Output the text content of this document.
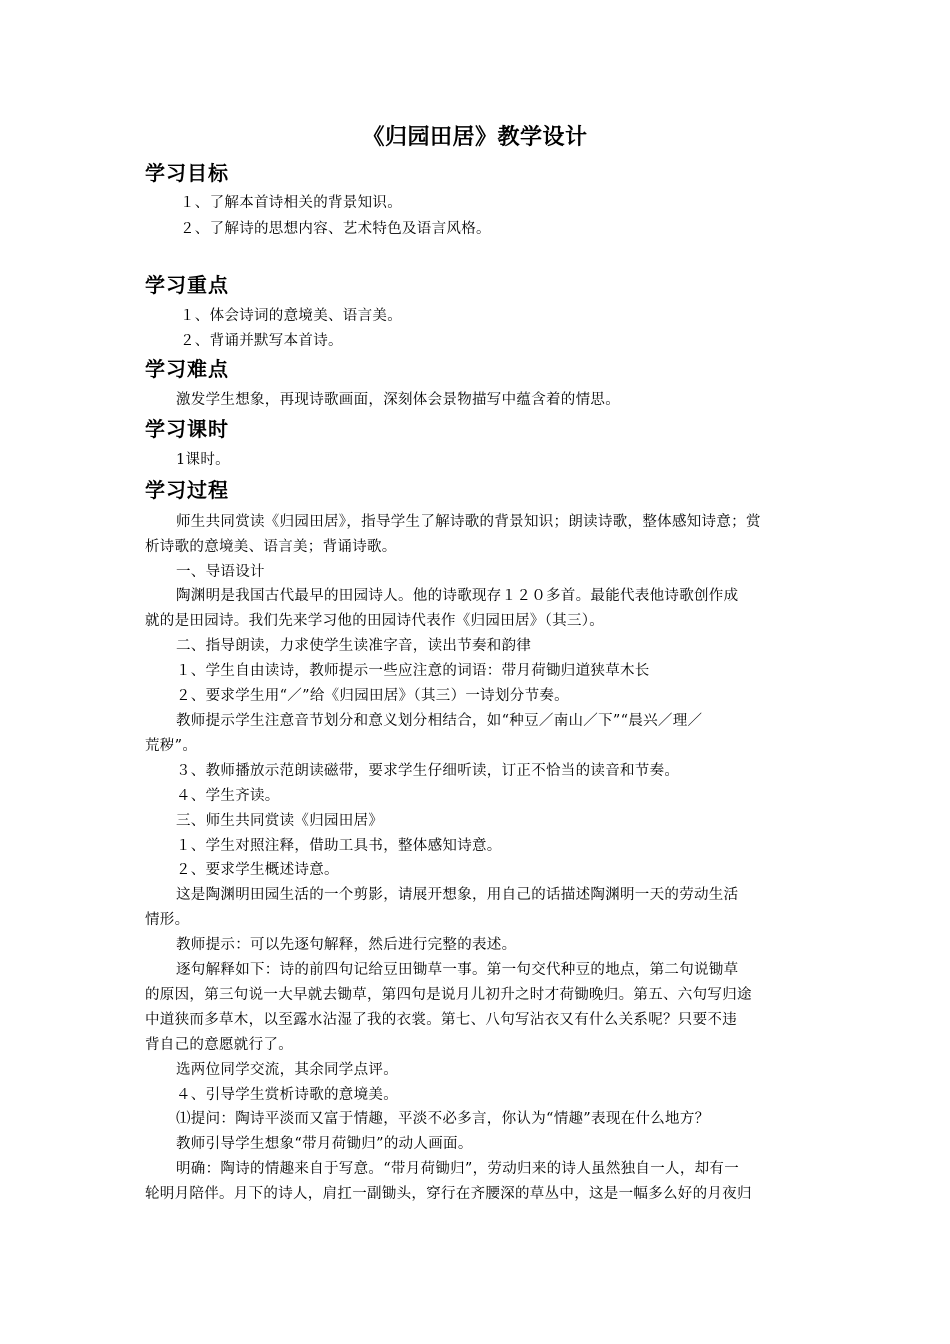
《归园田居》教学设计
学习目标
１、了解本首诗相关的背景知识。
２、了解诗的思想内容、艺术特色及语言风格。
学习重点
１、体会诗词的意境美、语言美。
２、背诵并默写本首诗。
学习难点
激发学生想象，再现诗歌画面，深刻体会景物描写中蕴含着的情思。
学习课时
1课时。
学习过程
师生共同赏读《归园田居》，指导学生了解诗歌的背景知识；朗读诗歌，整体感知诗意；赏
析诗歌的意境美、语言美；背诵诗歌。
一、导语设计
陶渊明是我国古代最早的田园诗人。他的诗歌现存１２０多首。最能代表他诗歌创作成
就的是田园诗。我们先来学习他的田园诗代表作《归园田居》（其三）。
二、指导朗读，力求使学生读准字音，读出节奏和韵律
１、学生自由读诗，教师提示一些应注意的词语：带月荷锄归道狭草木长
２、要求学生用“／”给《归园田居》（其三）一诗划分节奏。
教师提示学生注意音节划分和意义划分相结合，如“种豆／南山／下”“晨兴／理／
荒秽”。
３、教师播放示范朗读磁带，要求学生仔细听读，订正不恰当的读音和节奏。
４、学生齐读。
三、师生共同赏读《归园田居》
１、学生对照注释，借助工具书，整体感知诗意。
２、要求学生概述诗意。
这是陶渊明田园生活的一个剪影，请展开想象，用自己的话描述陶渊明一天的劳动生活
情形。
教师提示：可以先逐句解释，然后进行完整的表述。
逐句解释如下：诗的前四句记给豆田锄草一事。第一句交代种豆的地点，第二句说锄草
的原因，第三句说一大早就去锄草，第四句是说月儿初升之时才荷锄晚归。第五、六句写归途
中道狭而多草木，以至露水沾湿了我的衣裳。第七、八句写沾衣又有什么关系呢？只要不违
背自己的意愿就行了。
选两位同学交流，其余同学点评。
４、引导学生赏析诗歌的意境美。
⑴提问：陶诗平淡而又富于情趣，平淡不必多言，你认为“情趣”表现在什么地方？
教师引导学生想象“带月荷锄归”的动人画面。
明确：陶诗的情趣来自于写意。“带月荷锄归”，劳动归来的诗人虽然独自一人，却有一
轮明月陪伴。月下的诗人，肩扛一副锄头，穿行在齐腰深的草丛中，这是一幅多么好的月夜归
